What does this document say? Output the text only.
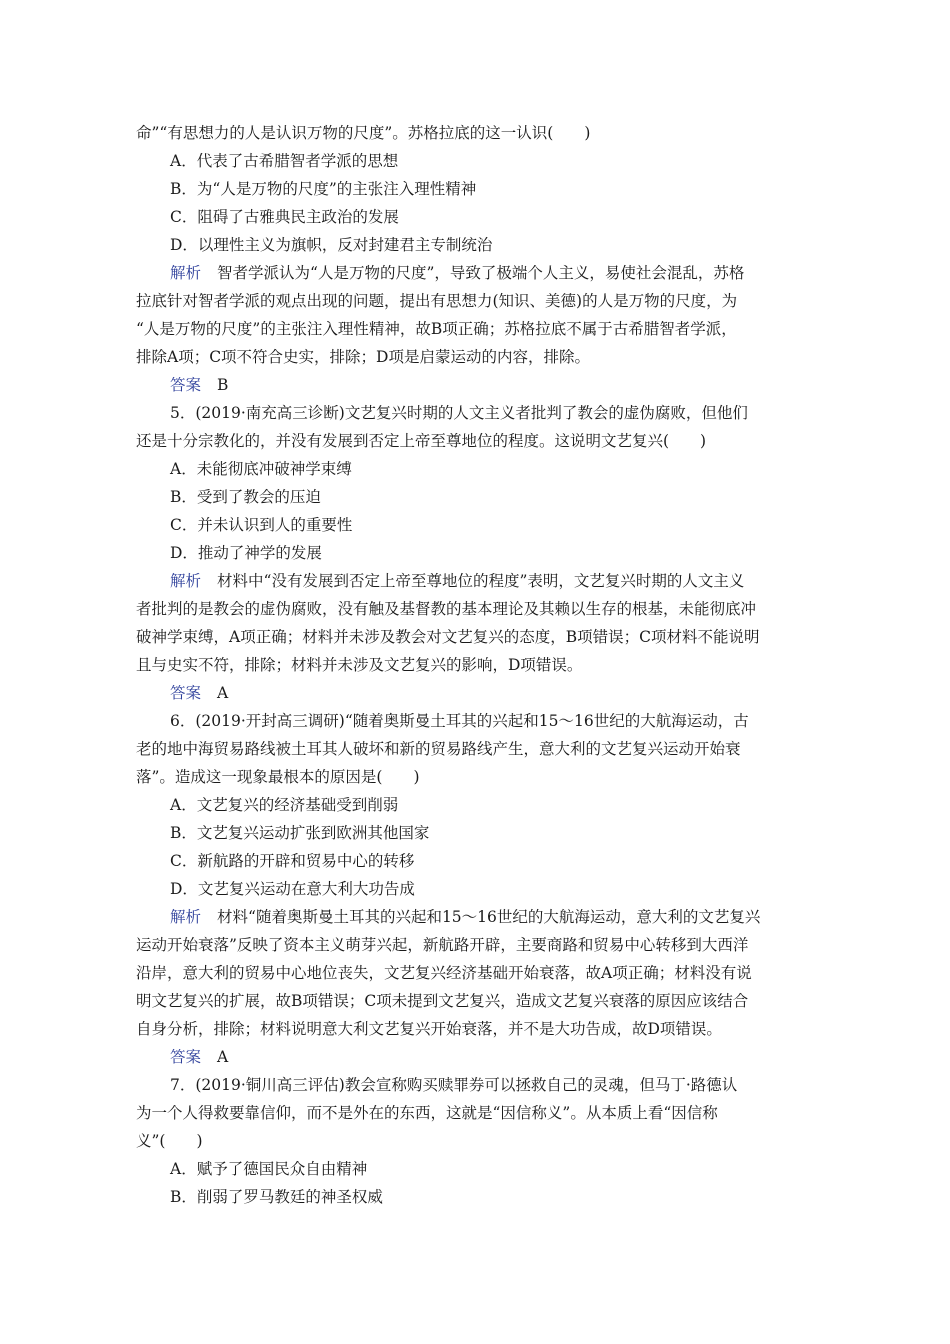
命”“有思想力的人是认识万物的尺度”。苏格拉底的这一认识(　　)
A．代表了古希腊智者学派的思想
B．为“人是万物的尺度”的主张注入理性精神
C．阻碍了古雅典民主政治的发展
D．以理性主义为旗帜，反对封建君主专制统治
解析 智者学派认为“人是万物的尺度”，导致了极端个人主义，易使社会混乱，苏格
拉底针对智者学派的观点出现的问题，提出有思想力(知识、美德)的人是万物的尺度，为
“人是万物的尺度”的主张注入理性精神，故B项正确；苏格拉底不属于古希腊智者学派，
排除A项；C项不符合史实，排除；D项是启蒙运动的内容，排除。
答案 B
5．(2019·南充高三诊断)文艺复兴时期的人文主义者批判了教会的虚伪腐败，但他们
还是十分宗教化的，并没有发展到否定上帝至尊地位的程度。这说明文艺复兴(　　)
A．未能彻底冲破神学束缚
B．受到了教会的压迫
C．并未认识到人的重要性
D．推动了神学的发展
解析 材料中“没有发展到否定上帝至尊地位的程度”表明，文艺复兴时期的人文主义
者批判的是教会的虚伪腐败，没有触及基督教的基本理论及其赖以生存的根基，未能彻底冲
破神学束缚，A项正确；材料并未涉及教会对文艺复兴的态度，B项错误；C项材料不能说明
且与史实不符，排除；材料并未涉及文艺复兴的影响，D项错误。
答案 A
6．(2019·开封高三调研)“随着奥斯曼土耳其的兴起和15～16世纪的大航海运动，古
老的地中海贸易路线被土耳其人破坏和新的贸易路线产生，意大利的文艺复兴运动开始衰
落”。造成这一现象最根本的原因是(　　)
A．文艺复兴的经济基础受到削弱
B．文艺复兴运动扩张到欧洲其他国家
C．新航路的开辟和贸易中心的转移
D．文艺复兴运动在意大利大功告成
解析 材料“随着奥斯曼土耳其的兴起和15～16世纪的大航海运动，意大利的文艺复兴
运动开始衰落”反映了资本主义萌芽兴起，新航路开辟，主要商路和贸易中心转移到大西洋
沿岸，意大利的贸易中心地位丧失，文艺复兴经济基础开始衰落，故A项正确；材料没有说
明文艺复兴的扩展，故B项错误；C项未提到文艺复兴，造成文艺复兴衰落的原因应该结合
自身分析，排除；材料说明意大利文艺复兴开始衰落，并不是大功告成，故D项错误。
答案 A
7．(2019·铜川高三评估)教会宣称购买赎罪券可以拯救自己的灵魂，但马丁·路德认
为一个人得救要靠信仰，而不是外在的东西，这就是“因信称义”。从本质上看“因信称
义”(　　)
A．赋予了德国民众自由精神
B．削弱了罗马教廷的神圣权威
